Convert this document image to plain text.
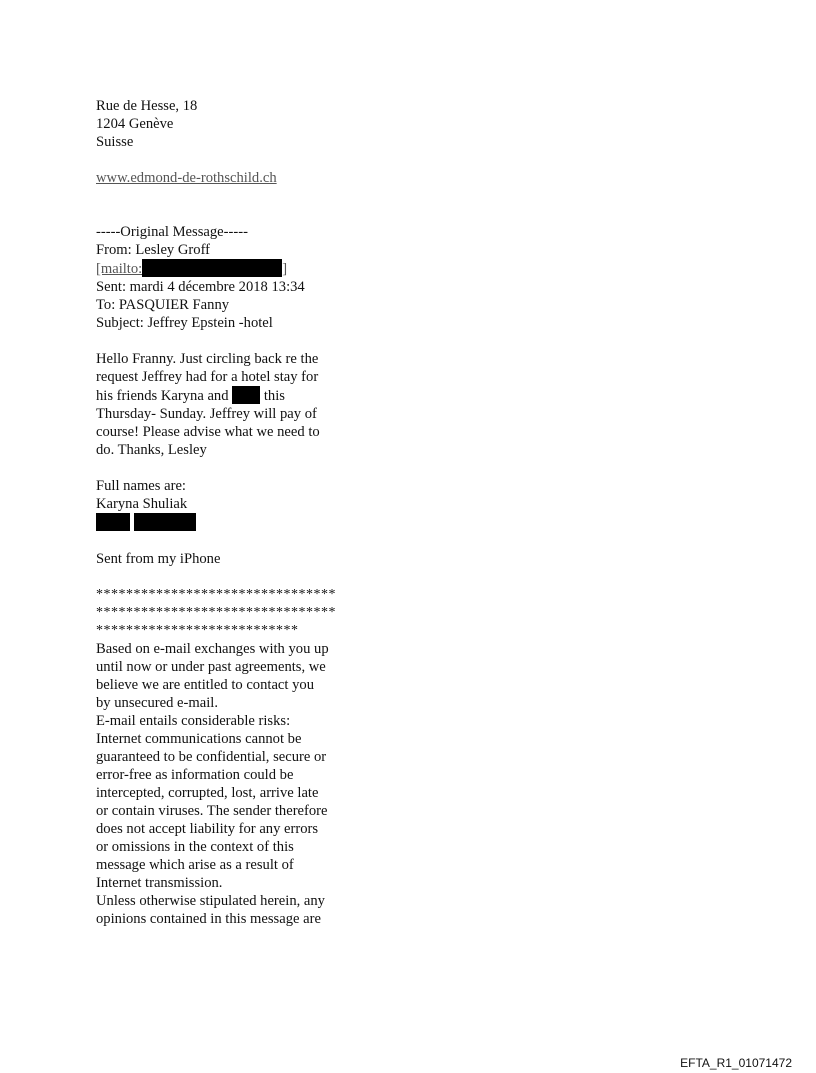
Rue de Hesse, 18
1204 Genève
Suisse
www.edmond-de-rothschild.ch
-----Original Message-----
From: Lesley Groff
[mailto:	]
Sent: mardi 4 décembre 2018 13:34
To: PASQUIER Fanny
Subject: Jeffrey Epstein -hotel
Hello Franny. Just circling back re the
request Jeffrey had for a hotel stay for
his friends Karyna and this
Thursday- Sunday. Jeffrey will pay of
course! Please advise what we need to
do. Thanks, Lesley
Full names are:
Karyna Shuliak

Sent from my iPhone
********************************
********************************
***************************
Based on e-mail exchanges with you up
until now or under past agreements, we
believe we are entitled to contact you
by unsecured e-mail.
E-mail entails considerable risks:
Internet communications cannot be
guaranteed to be confidential, secure or
error-free as information could be
intercepted, corrupted, lost, arrive late
or contain viruses. The sender therefore
does not accept liability for any errors
or omissions in the context of this
message which arise as a result of
Internet transmission.
Unless otherwise stipulated herein, any
opinions contained in this message are
EFTA_R1_01071472
